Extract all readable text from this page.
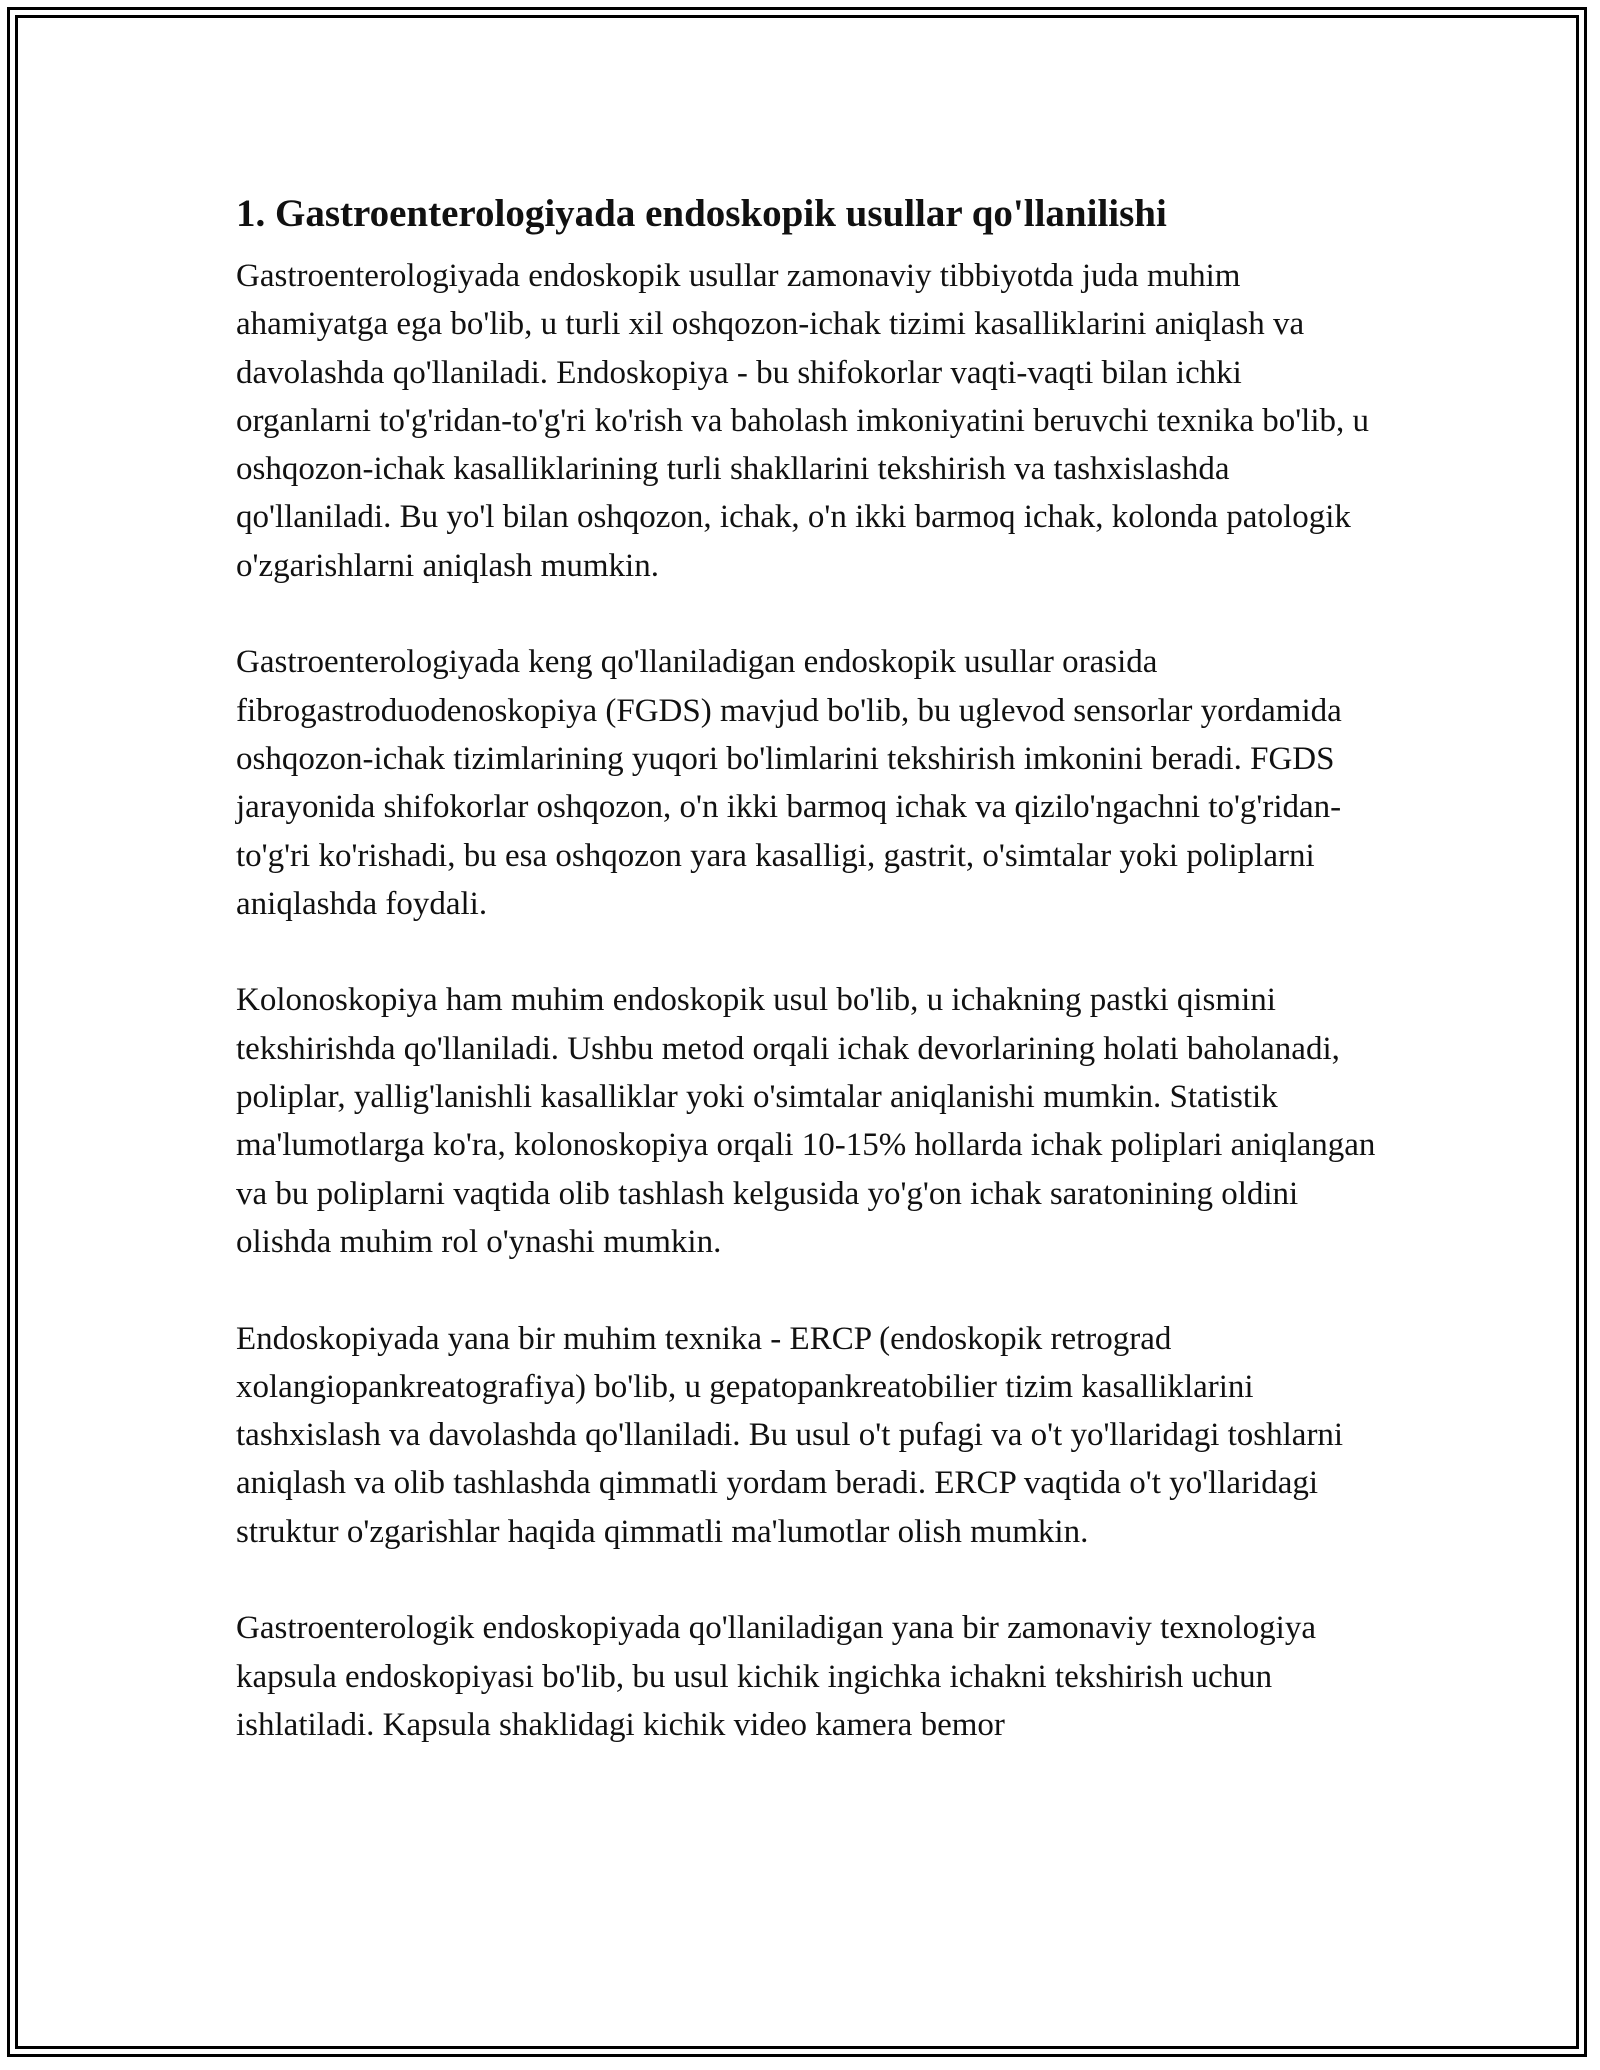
1. Gastroenterologiyada endoskopik usullar qo'llanilishi

Gastroenterologiyada endoskopik usullar zamonaviy tibbiyotda juda muhim ahamiyatga ega bo'lib, u turli xil oshqozon-ichak tizimi kasalliklarini aniqlash va davolashda qo'llaniladi. Endoskopiya - bu shifokorlar vaqti-vaqti bilan ichki organlarni to'g'ridan-to'g'ri ko'rish va baholash imkoniyatini beruvchi texnika bo'lib, u oshqozon-ichak kasalliklarining turli shakllarini tekshirish va tashxislashda qo'llaniladi. Bu yo'l bilan oshqozon, ichak, o'n ikki barmoq ichak, kolonda patologik o'zgarishlarni aniqlash mumkin.

Gastroenterologiyada keng qo'llaniladigan endoskopik usullar orasida fibrogastroduodenoskopiya (FGDS) mavjud bo'lib, bu uglevod sensorlar yordamida oshqozon-ichak tizimlarining yuqori bo'limlarini tekshirish imkonini beradi. FGDS jarayonida shifokorlar oshqozon, o'n ikki barmoq ichak va qizilo'ngachni to'g'ridan-to'g'ri ko'rishadi, bu esa oshqozon yara kasalligi, gastrit, o'simtalar yoki poliplarni aniqlashda foydali.

Kolonoskopiya ham muhim endoskopik usul bo'lib, u ichakning pastki qismini tekshirishda qo'llaniladi. Ushbu metod orqali ichak devorlarining holati baholanadi, poliplar, yallig'lanishli kasalliklar yoki o'simtalar aniqlanishi mumkin. Statistik ma'lumotlarga ko'ra, kolonoskopiya orqali 10-15% hollarda ichak poliplari aniqlangan va bu poliplarni vaqtida olib tashlash kelgusida yo'g'on ichak saratonining oldini olishda muhim rol o'ynashi mumkin.

Endoskopiyada yana bir muhim texnika - ERCP (endoskopik retrograd xolangiopankreatografiya) bo'lib, u gepatopankreatobilier tizim kasalliklarini tashxislash va davolashda qo'llaniladi. Bu usul o't pufagi va o't yo'llaridagi toshlarni aniqlash va olib tashlashda qimmatli yordam beradi. ERCP vaqtida o't yo'llaridagi struktur o'zgarishlar haqida qimmatli ma'lumotlar olish mumkin.

Gastroenterologik endoskopiyada qo'llaniladigan yana bir zamonaviy texnologiya kapsula endoskopiyasi bo'lib, bu usul kichik ingichka ichakni tekshirish uchun ishlatiladi. Kapsula shaklidagi kichik video kamera bemor
